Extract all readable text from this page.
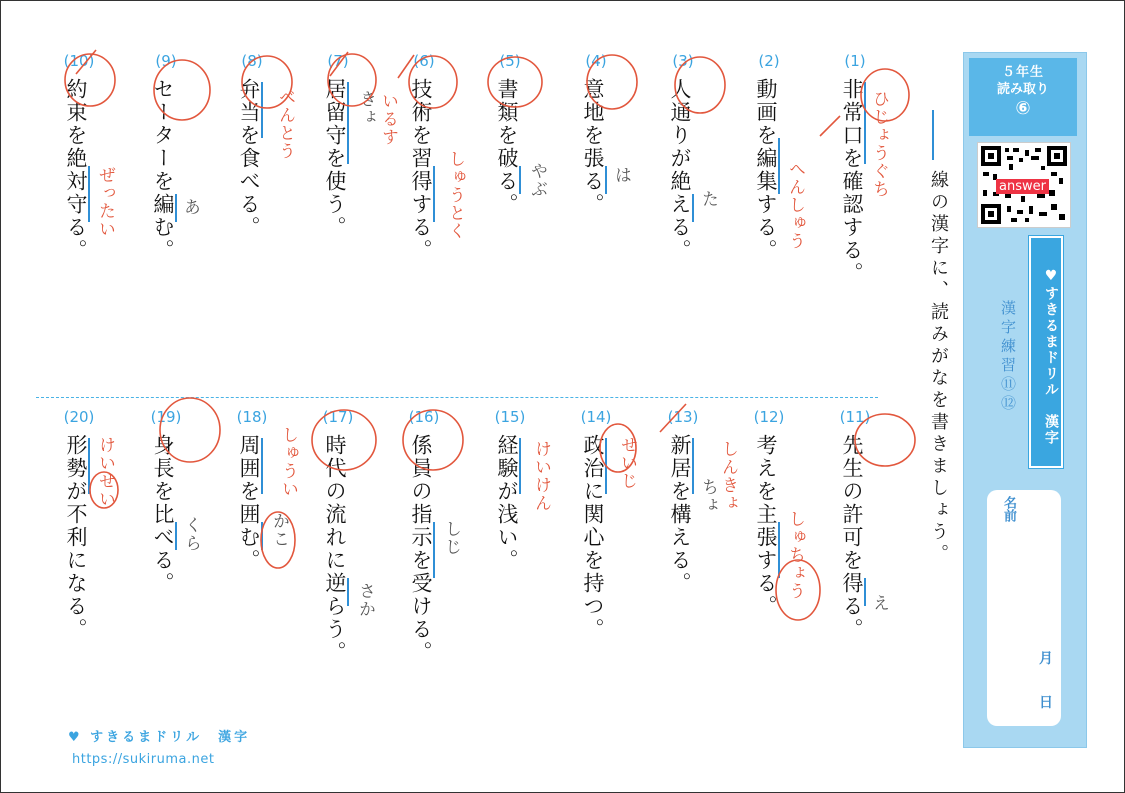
５年生
読み取り
⑥
answer
♥すきるまドリル　漢字
漢字練習⑪⑫
名前
月
日
線の漢字に、読みがなを書きましょう。
(1)
非常口を確認する。
(2)
動画を編集する。
(3)
人通りが絶える。
(4)
意地を張る。
(5)
書類を破る。
(6)
技術を習得する。
(7)
居留守を使う。
(8)
弁当を食べる。
(9)
セーターを編む。
(10)
約束を絶対守る。
(11)
先生の許可を得る。
(12)
考えを主張する。
(13)
新居を構える。
(14)
政治に関心を持つ。
(15)
経験が浅い。
(16)
係員の指示を受ける。
(17)
時代の流れに逆らう。
(18)
周囲を囲む。
(19)
身長を比べる。
(20)
形勢が不利になる。
ひじょうぐち
へんしゅう
た
は
やぶ
しゅうとく
きょ いるす
べんとう
あ
ぜったい
え
しゅちょう
しんきょ
ちょ
せいじ
けいけん
しじ
さか
しゅうい
かこ
くら
けいせい
♥ すきるまドリル　漢字
https://sukiruma.net
